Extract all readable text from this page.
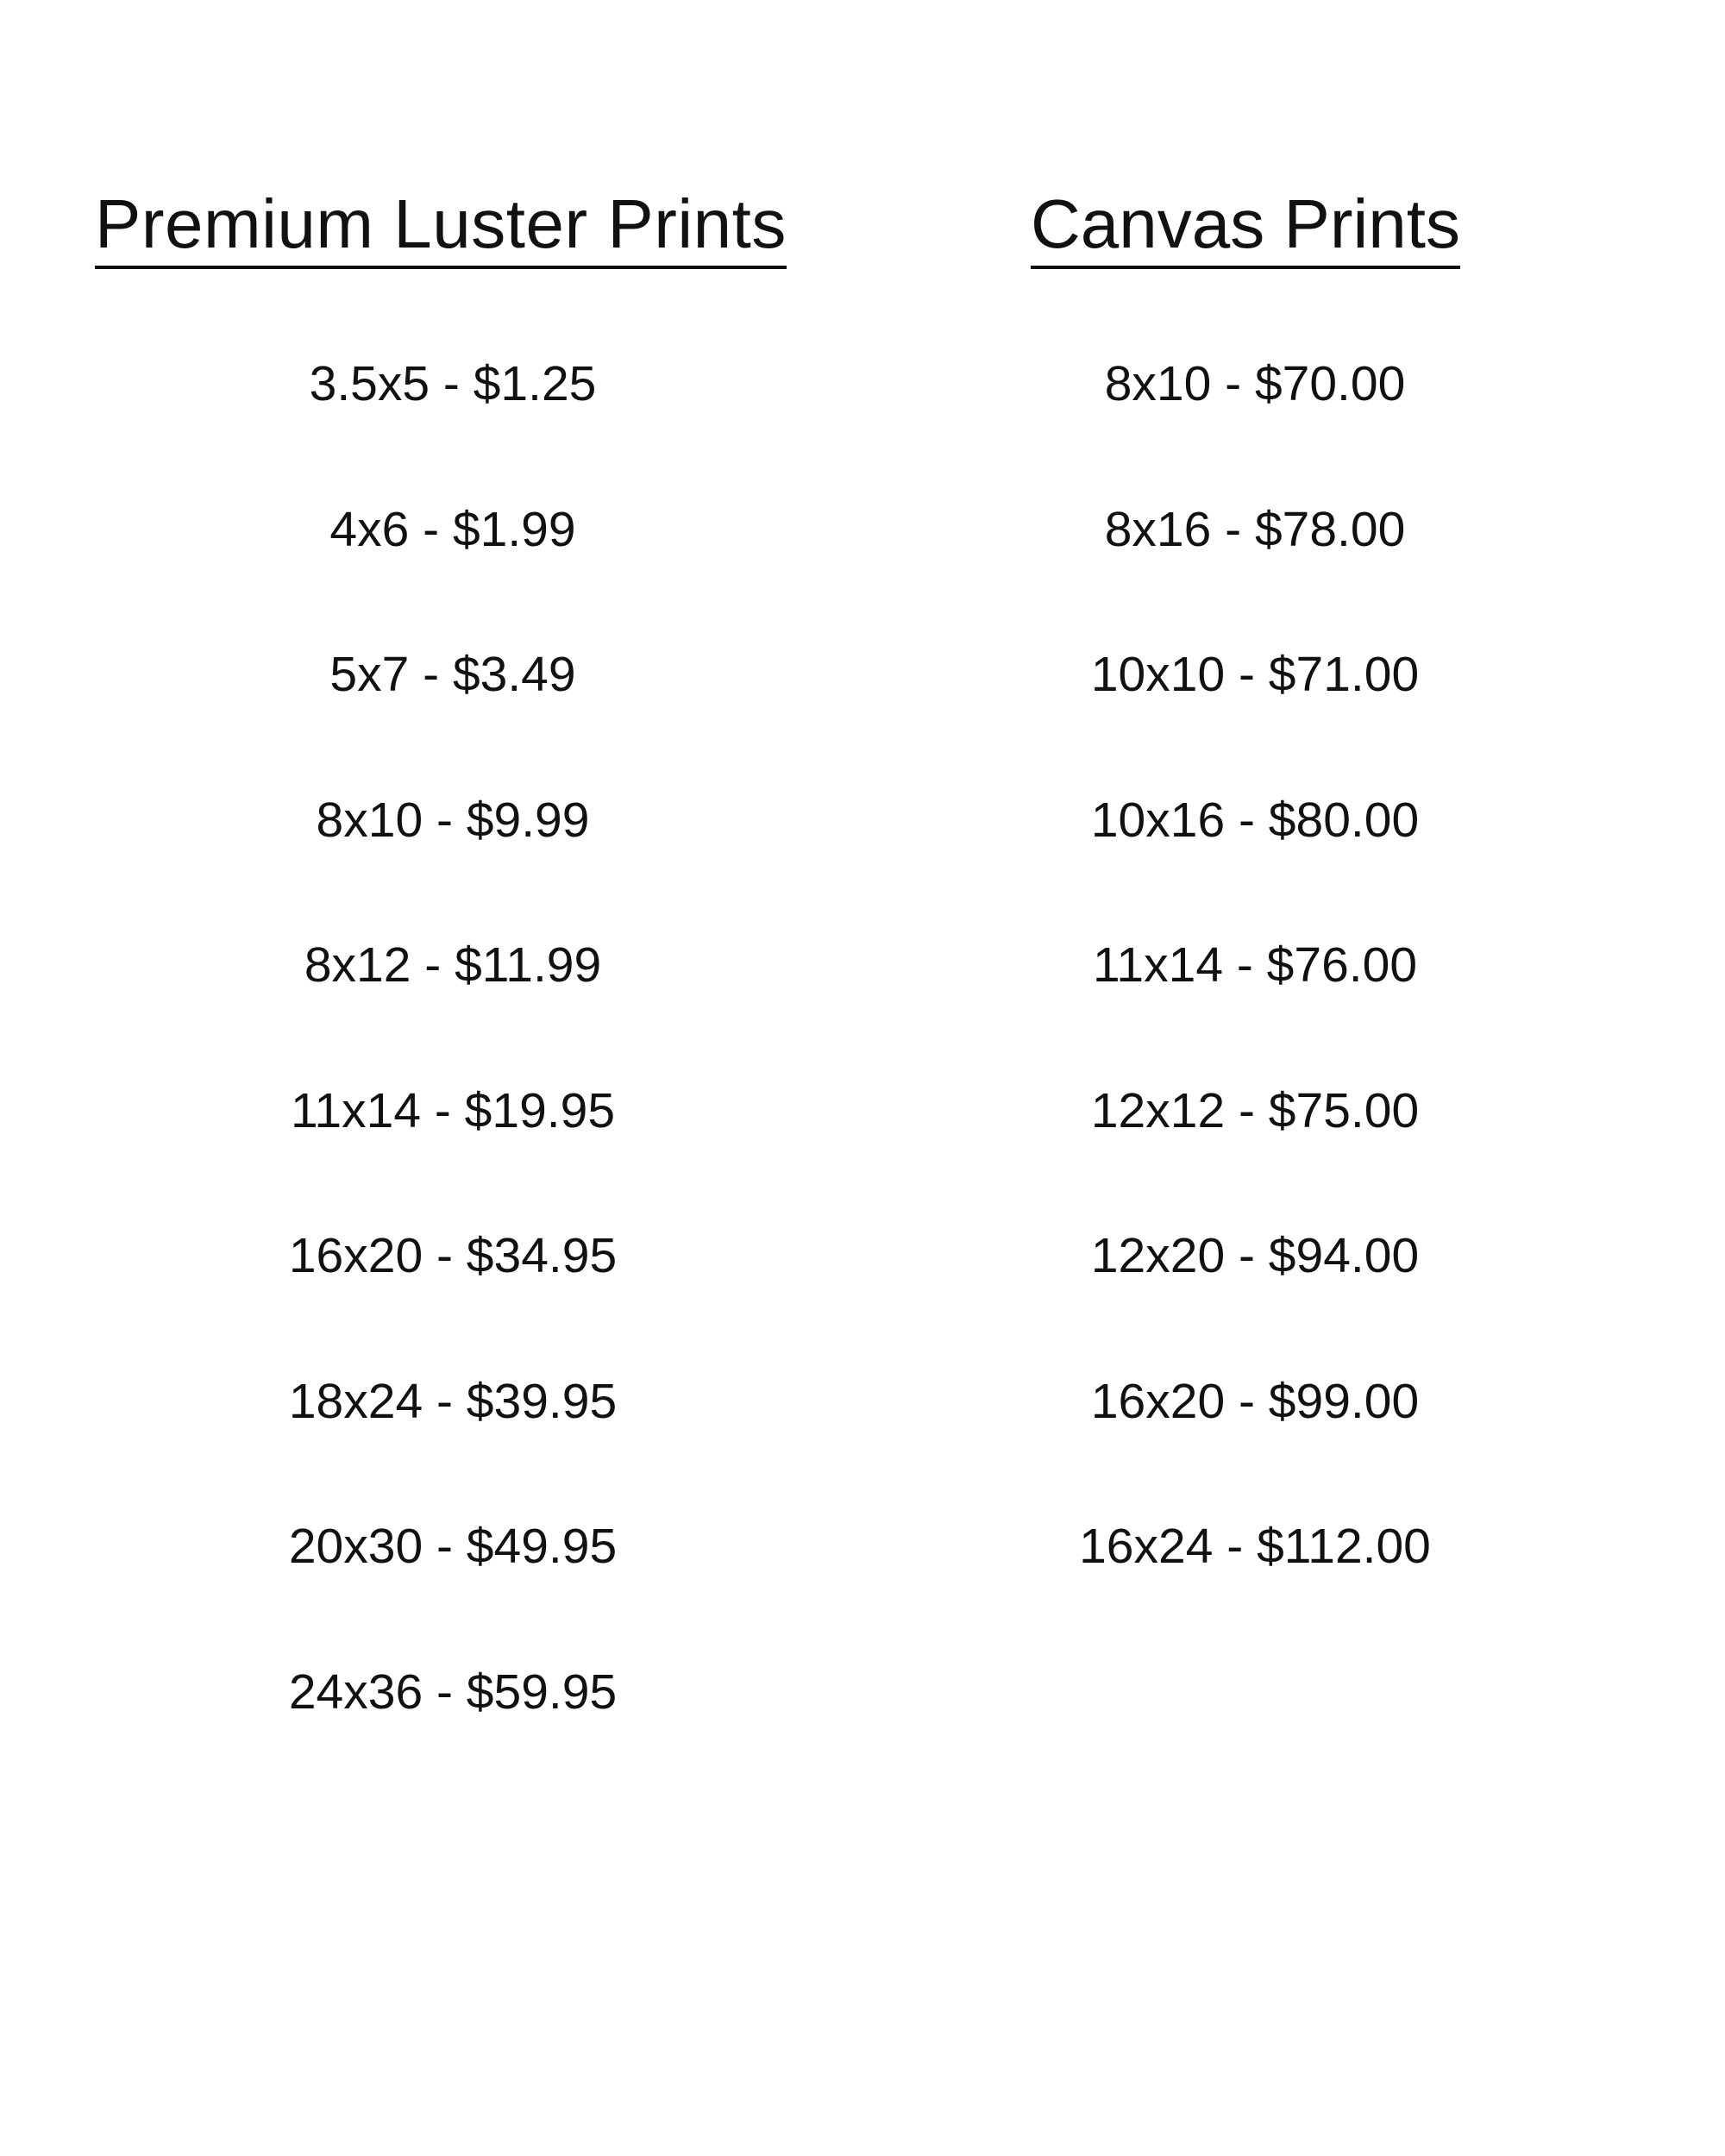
Premium Luster Prints
3.5x5 - $1.25
4x6 - $1.99
5x7 - $3.49
8x10 - $9.99
8x12 - $11.99
11x14 - $19.95
16x20 - $34.95
18x24 - $39.95
20x30 - $49.95
24x36 - $59.95
Canvas Prints
8x10 - $70.00
8x16 - $78.00
10x10 - $71.00
10x16 - $80.00
11x14 - $76.00
12x12 - $75.00
12x20 - $94.00
16x20 - $99.00
16x24 - $112.00
